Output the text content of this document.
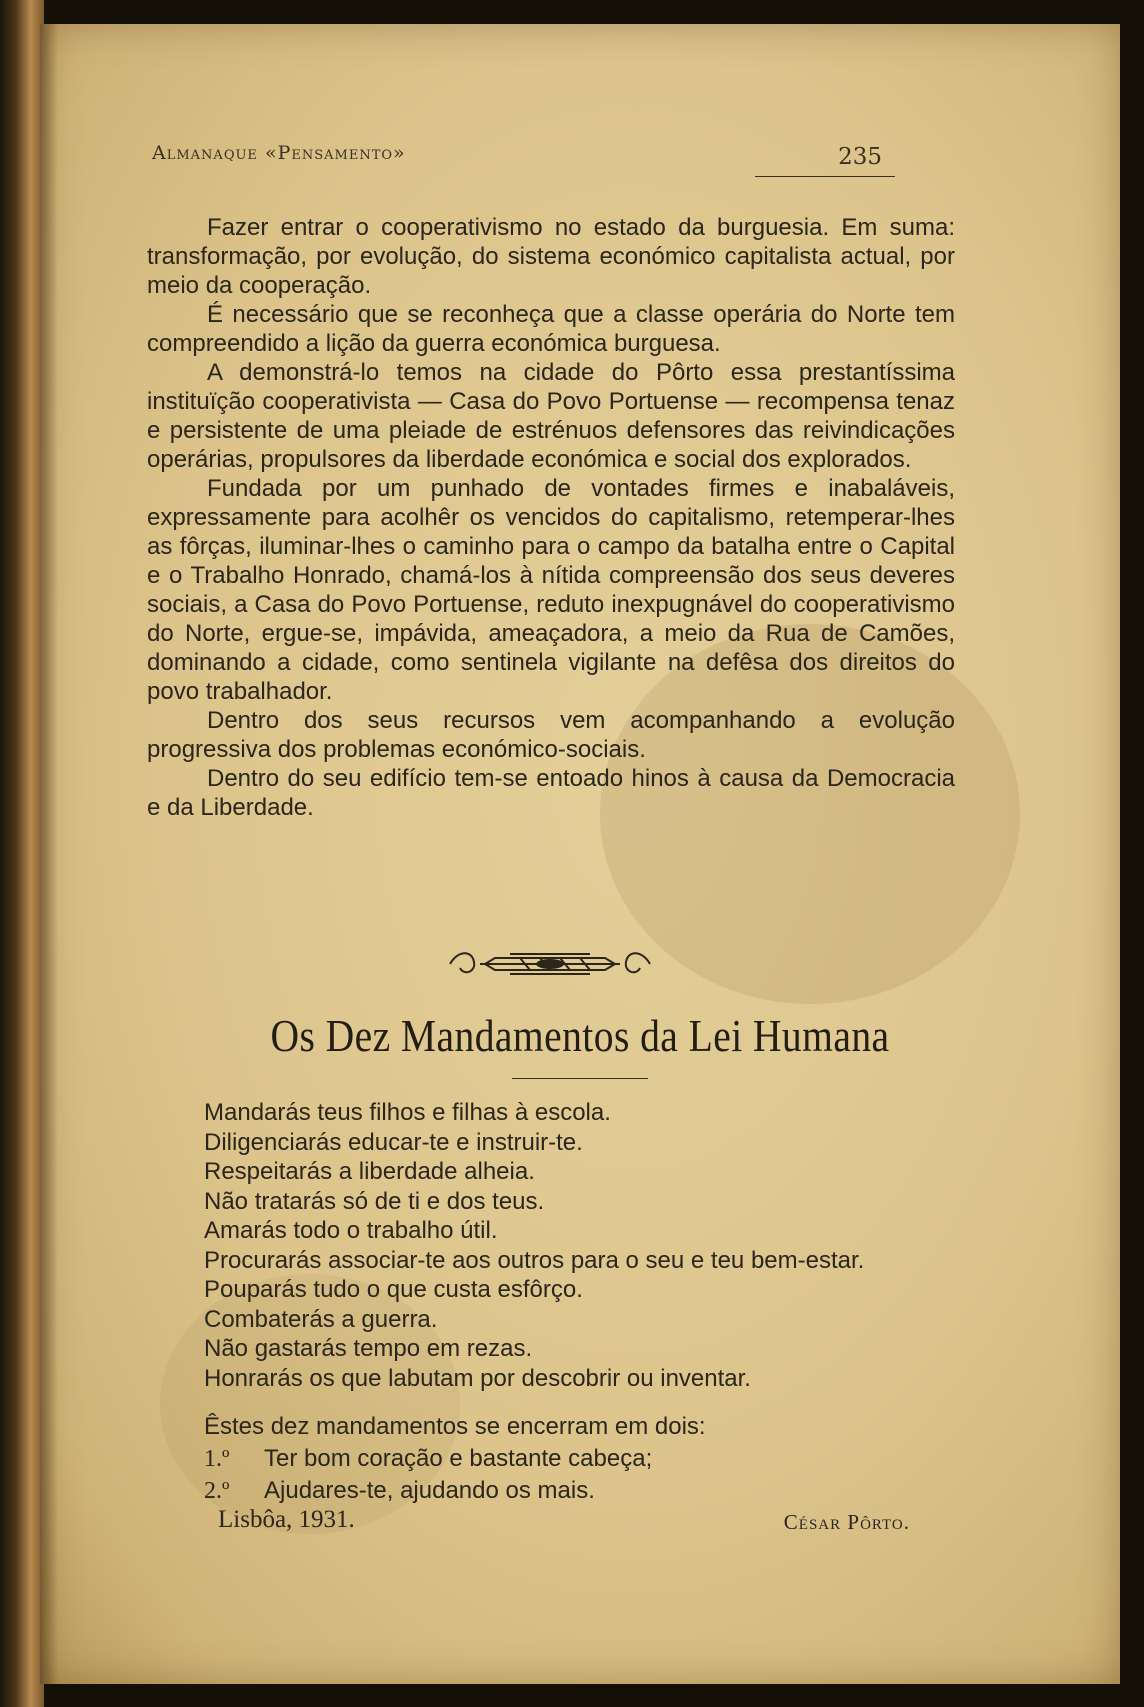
Almanaque «Pensamento»	235

Fazer entrar o cooperativismo no estado da burguesia. Em suma: transformação, por evolução, do sistema económico capitalista actual, por meio da cooperação.

É necessário que se reconheça que a classe operária do Norte tem compreendido a lição da guerra económica burguesa.

A demonstrá-lo temos na cidade do Pôrto essa prestantíssima instituïção cooperativista — Casa do Povo Portuense — recompensa tenaz e persistente de uma pleiade de estrénuos defensores das reivindicações operárias, propulsores da liberdade económica e social dos explorados.

Fundada por um punhado de vontades firmes e inabaláveis, expressamente para acolhêr os vencidos do capitalismo, retemperar-lhes as fôrças, iluminar-lhes o caminho para o campo da batalha entre o Capital e o Trabalho Honrado, chamá-los à nítida compreensão dos seus deveres sociais, a Casa do Povo Portuense, reduto inexpugnável do cooperativismo do Norte, ergue-se, impávida, ameaçadora, a meio da Rua de Camões, dominando a cidade, como sentinela vigilante na defêsa dos direitos do povo trabalhador.

Dentro dos seus recursos vem acompanhando a evolução progressiva dos problemas económico-sociais.

Dentro do seu edifício tem-se entoado hinos à causa da Democracia e da Liberdade.

Os Dez Mandamentos da Lei Humana
Mandarás teus filhos e filhas à escola.
Diligenciarás educar-te e instruir-te.
Respeitarás a liberdade alheia.
Não tratarás só de ti e dos teus.
Amarás todo o trabalho útil.
Procurarás associar-te aos outros para o seu e teu bem-estar.
Pouparás tudo o que custa esfôrço.
Combaterás a guerra.
Não gastarás tempo em rezas.
Honrarás os que labutam por descobrir ou inventar.
Êstes dez mandamentos se encerram em dois:
1.º Ter bom coração e bastante cabeça;
2.º Ajudares-te, ajudando os mais.
Lisbôa, 1931.	César Pôrto.
